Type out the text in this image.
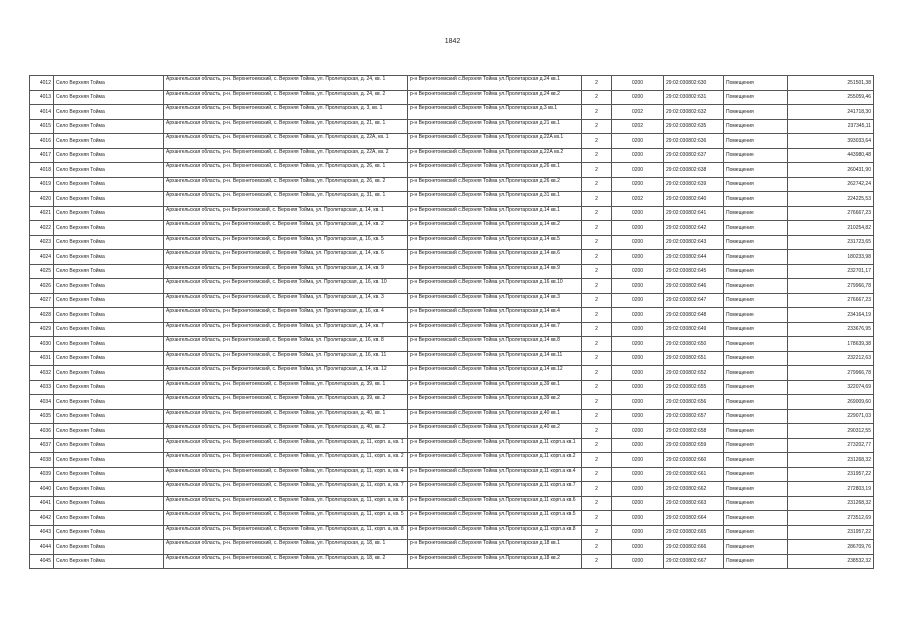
1842
4012	Село Верхняя Тойма	Архангельская область, р-н. Верхнетоемский, с. Верхняя Тойма, ул. Пролетарская, д. 24, кв. 1	р-н Верхнетоемский с.Верхняя Тойма ул.Пролетарская д.24 кв.1	2	0200	29:02:030802:630	Помещения	251501,38
4013	Село Верхняя Тойма	Архангельская область, р-н. Верхнетоемский, с. Верхняя Тойма, ул. Пролетарская, д. 24, кв. 2	р-н Верхнетоемский с.Верхняя Тойма ул.Пролетарская д.24 кв.2	2	0200	29:02:030802:631	Помещения	255059,46
4014	Село Верхняя Тойма	Архангельская область, р-н. Верхнетоемский, с. Верхняя Тойма, ул. Пролетарская, д. 3, кв. 1	р-н Верхнетоемский с.Верхняя Тойма ул.Пролетарская д.3 кв.1	2	0202	29:02:030802:632	Помещения	241718,30
4015	Село Верхняя Тойма	Архангельская область, р-н. Верхнетоемский, с. Верхняя Тойма, ул. Пролетарская, д. 21, кв. 1	р-н Верхнетоемский с.Верхняя Тойма ул.Пролетарская д.21 кв.1	2	0202	29:02:030802:635	Помещения	237345,11
4016	Село Верхняя Тойма	Архангельская область, р-н. Верхнетоемский, с. Верхняя Тойма, ул. Пролетарская, д. 22А, кв. 1	р-н Верхнетоемский с.Верхняя Тойма ул.Пролетарская д.22А кв.1	2	0200	29:02:030802:636	Помещения	393033,64
4017	Село Верхняя Тойма	Архангельская область, р-н. Верхнетоемский, с. Верхняя Тойма, ул. Пролетарская, д. 22А, кв. 2	р-н Верхнетоемский с.Верхняя Тойма ул.Пролетарская д.22А кв.2	2	0200	29:02:030802:637	Помещение	443980,48
4018	Село Верхняя Тойма	Архангельская область, р-н. Верхнетоемский, с. Верхняя Тойма, ул. Пролетарская, д. 26, кв. 1	р-н Верхнетоемский с.Верхняя Тойма ул.Пролетарская д.26 кв.1	2	0200	29:02:030802:638	Помещения	260431,90
4019	Село Верхняя Тойма	Архангельская область, р-н. Верхнетоемский, с. Верхняя Тойма, ул. Пролетарская, д. 26, кв. 2	р-н Верхнетоемский с.Верхняя Тойма ул.Пролетарская д.26 кв.2	2	0200	29:02:030802:639	Помещения	262742,24
4020	Село Верхняя Тойма	Архангельская область, р-н. Верхнетоемский, с. Верхняя Тойма, ул. Пролетарская, д. 31, кв. 1	р-н Верхнетоемский с.Верхняя Тойма ул.Пролетарская д.31 кв.1	2	0202	29:02:030802:640	Помещения	224225,53
4021	Село Верхняя Тойма	Архангельская область, р-н Верхнетоемский, с. Верхняя Тойма, ул. Пролетарская, д. 14, кв. 1	р-н Верхнетоемский с.Верхняя Тойма ул.Пролетарская д.14 кв.1	2	0200	29:02:030802:641	Помещение	276667,23
4022	Село Верхняя Тойма	Архангельская область, р-н Верхнетоемский, с. Верхняя Тойма, ул. Пролетарская, д. 14, кв. 2	р-н Верхнетоемский с.Верхняя Тойма ул.Пролетарская д.14 кв.2	2	0200	29:02:030802:642	Помещения	210254,82
4023	Село Верхняя Тойма	Архангельская область, р-н Верхнетоемский, с. Верхняя Тойма, ул. Пролетарская, д. 16, кв. 5	р-н Верхнетоемский с.Верхняя Тойма ул.Пролетарская д.14 кв.5	2	0200	29:02:030802:643	Помещения	231723,65
4024	Село Верхняя Тойма	Архангельская область, р-н Верхнетоемский, с. Верхняя Тойма, ул. Пролетарская, д. 14, кв. 6	р-н Верхнетоемский с.Верхняя Тойма ул.Пролетарская д.14 кв.6	2	0200	29:02:030802:644	Помещения	180233,98
4025	Село Верхняя Тойма	Архангельская область, р-н Верхнетоемский, с. Верхняя Тойма, ул. Пролетарская, д. 14, кв. 9	р-н Верхнетоемский с.Верхняя Тойма ул.Пролетарская д.14 кв.9	2	0200	29:02:030802:645	Помещения	232701,17
4026	Село Верхняя Тойма	Архангельская область, р-н Верхнетоемский, с. Верхняя Тойма, ул. Пролетарская, д. 16, кв. 10	р-н Верхнетоемский с.Верхняя Тойма ул.Пролетарская д.16 кв.10	2	0200	29:02:030802:646	Помещения	279966,78
4027	Село Верхняя Тойма	Архангельская область, р-н Верхнетоемский, с. Верхняя Тойма, ул. Пролетарская, д. 14, кв. 3	р-н Верхнетоемский с.Верхняя Тойма ул.Пролетарская д.14 кв.3	2	0200	29:02:030802:647	Помещения	276667,23
4028	Село Верхняя Тойма	Архангельская область, р-н Верхнетоемский, с. Верхняя Тойма, ул. Пролетарская, д. 16, кв. 4	р-н Верхнетоемский с.Верхняя Тойма ул.Пролетарская д.14 кв.4	2	0200	29:02:030802:648	Помещение	234164,19
4029	Село Верхняя Тойма	Архангельская область, р-н Верхнетоемский, с. Верхняя Тойма, ул. Пролетарская, д. 14, кв. 7	р-н Верхнетоемский с.Верхняя Тойма ул.Пролетарская д.14 кв.7	2	0200	29:02:030802:649	Помещения	233676,95
4030	Село Верхняя Тойма	Архангельская область, р-н Верхнетоемский, с. Верхняя Тойма, ул. Пролетарская, д. 16, кв. 8	р-н Верхнетоемский с.Верхняя Тойма ул.Пролетарская д.14 кв.8	2	0200	29:02:030802:650	Помещения	178639,38
4031	Село Верхняя Тойма	Архангельская область, р-н Верхнетоемский, с. Верхняя Тойма, ул. Пролетарская, д. 16, кв. 11	р-н Верхнетоемский с.Верхняя Тойма ул.Пролетарская д.14 кв.11	2	0200	29:02:030802:651	Помещения	232212,63
4032	Село Верхняя Тойма	Архангельская область, р-н Верхнетоемский, с. Верхняя Тойма, ул. Пролетарская, д. 14, кв. 12	р-н Верхнетоемский с.Верхняя Тойма ул.Пролетарская д.14 кв.12	2	0200	29:02:030802:652	Помещения	279966,78
4033	Село Верхняя Тойма	Архангельская область, р-н. Верхнетоемский, с. Верхняя Тойма, ул. Пролетарская, д. 39, кв. 1	р-н Верхнетоемский с.Верхняя Тойма ул.Пролетарская д.39 кв.1	2	0200	29:02:030802:655	Помещения	322074,69
4034	Село Верхняя Тойма	Архангельская область, р-н. Верхнетоемский, с. Верхняя Тойма, ул. Пролетарская, д. 39, кв. 2	р-н Верхнетоемский с.Верхняя Тойма ул.Пролетарская д.39 кв.2	2	0200	29:02:030802:656	Помещения	269009,60
4035	Село Верхняя Тойма	Архангельская область, р-н. Верхнетоемский, с. Верхняя Тойма, ул. Пролетарская, д. 40, кв. 1	р-н Верхнетоемский с.Верхняя Тойма ул.Пролетарская д.40 кв.1	2	0200	29:02:030802:657	Помещения	229071,03
4036	Село Верхняя Тойма	Архангельская область, р-н. Верхнетоемский, с. Верхняя Тойма, ул. Пролетарская, д. 40, кв. 2	р-н Верхнетоемский с.Верхняя Тойма ул.Пролетарская д.40 кв.2	2	0200	29:02:030802:658	Помещения	290312,55
4037	Село Верхняя Тойма	Архангельская область, р-н. Верхнетоемский, с. Верхняя Тойма, ул. Пролетарская, д. 11, корп. а, кв. 1	р-н Верхнетоемский с.Верхняя Тойма ул.Пролетарская д.11 корп.а кв.1	2	0200	29:02:030802:659	Помещения	273202,77
4038	Село Верхняя Тойма	Архангельская область, р-н. Верхнетоемский, с. Верхняя Тойма, ул. Пролетарская, д. 11, корп. а, кв. 2	р-н Верхнетоемский с.Верхняя Тойма ул.Пролетарская д.11 корп.а кв.2	2	0200	29:02:030802:660	Помещения	231268,32
4039	Село Верхняя Тойма	Архангельская область, р-н. Верхнетоемский, с. Верхняя Тойма, ул. Пролетарская, д. 11, корп. а, кв. 4	р-н Верхнетоемский с.Верхняя Тойма ул.Пролетарская д.11 корп.а кв.4	2	0200	29:02:030802:661	Помещения	231957,22
4040	Село Верхняя Тойма	Архангельская область, р-н. Верхнетоемский, с. Верхняя Тойма, ул. Пролетарская, д. 11, корп. а, кв. 7	р-н Верхнетоемский с.Верхняя Тойма ул.Пролетарская д.11 корп.а кв.7	2	0200	29:02:030802:662	Помещения	272803,19
4041	Село Верхняя Тойма	Архангельская область, р-н. Верхнетоемский, с. Верхняя Тойма, ул. Пролетарская, д. 11, корп. а, кв. 6	р-н Верхнетоемский с.Верхняя Тойма ул.Пролетарская д.11 корп.а кв.6	2	0200	29:02:030802:663	Помещения	231268,32
4042	Село Верхняя Тойма	Архангельская область, р-н. Верхнетоемский, с. Верхняя Тойма, ул. Пролетарская, д. 11, корп. а, кв. 5	р-н Верхнетоемский с.Верхняя Тойма ул.Пролетарская д.11 корп.а кв.5	2	0200	29:02:030802:664	Помещения	273512,69
4043	Село Верхняя Тойма	Архангельская область, р-н. Верхнетоемский, с. Верхняя Тойма, ул. Пролетарская, д. 11, корп. а, кв. 8	р-н Верхнетоемский с.Верхняя Тойма ул.Пролетарская д.11 корп.а кв.8	2	0200	29:02:030802:665	Помещения	231957,22
4044	Село Верхняя Тойма	Архангельская область, р-н. Верхнетоемский, с. Верхняя Тойма, ул. Пролетарская, д. 18, кв. 1	р-н Верхнетоемский с.Верхняя Тойма ул.Пролетарская д.18 кв.1	2	0200	29:02:030802:666	Помещения	286709,76
4045	Село Верхняя Тойма	Архангельская область, р-н. Верхнетоемский, с. Верхняя Тойма, ул. Пролетарская, д. 18, кв. 2	р-н Верхнетоемский с.Верхняя Тойма ул.Пролетарская д.18 кв.2	2	0200	29:02:030802:667	Помещения	238532,32
